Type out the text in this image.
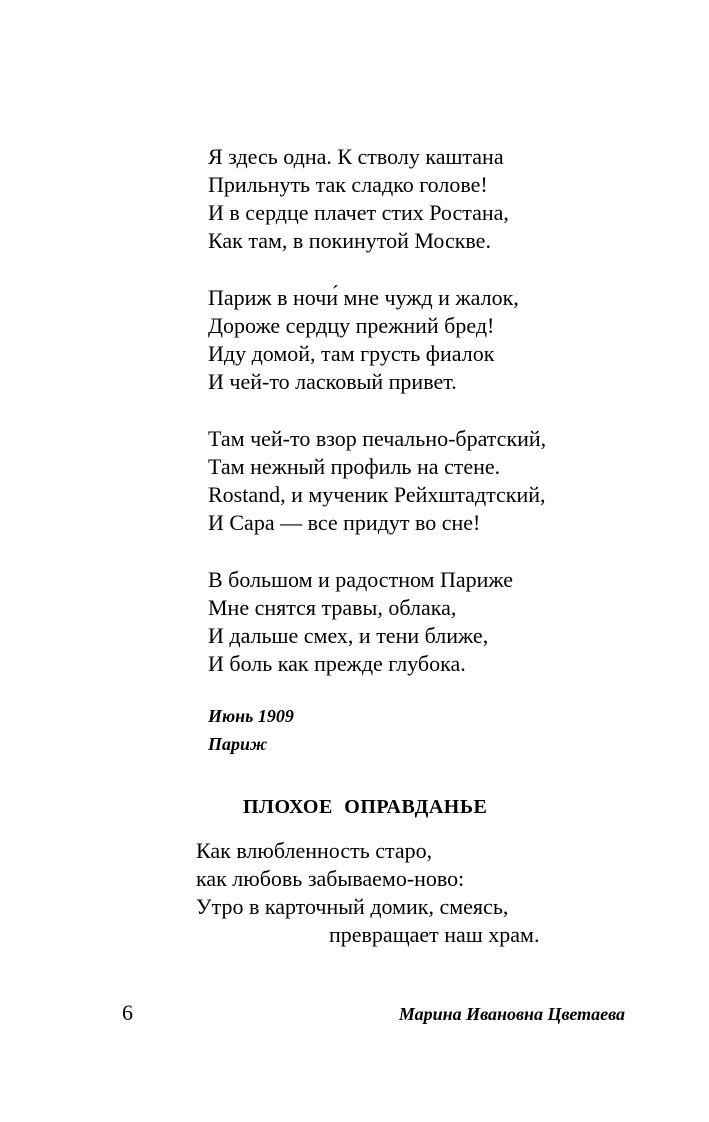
Я здесь одна. К стволу каштана
Прильнуть так сладко голове!
И в сердце плачет стих Ростана,
Как там, в покинутой Москве.
Париж в ночи́ мне чужд и жалок,
Дороже сердцу прежний бред!
Иду домой, там грусть фиалок
И чей-то ласковый привет.
Там чей-то взор печально-братский,
Там нежный профиль на стене.
Rostand, и мученик Рейхштадтский,
И Сара — все придут во сне!
В большом и радостном Париже
Мне снятся травы, облака,
И дальше смех, и тени ближе,
И боль как прежде глубока.
Июнь 1909
Париж
ПЛОХОЕ ОПРАВДАНЬЕ
Как влюбленность старо,
как любовь забываемо-ново:
Утро в карточный домик, смеясь,
превращает наш храм.
6	Марина Ивановна Цветаева
